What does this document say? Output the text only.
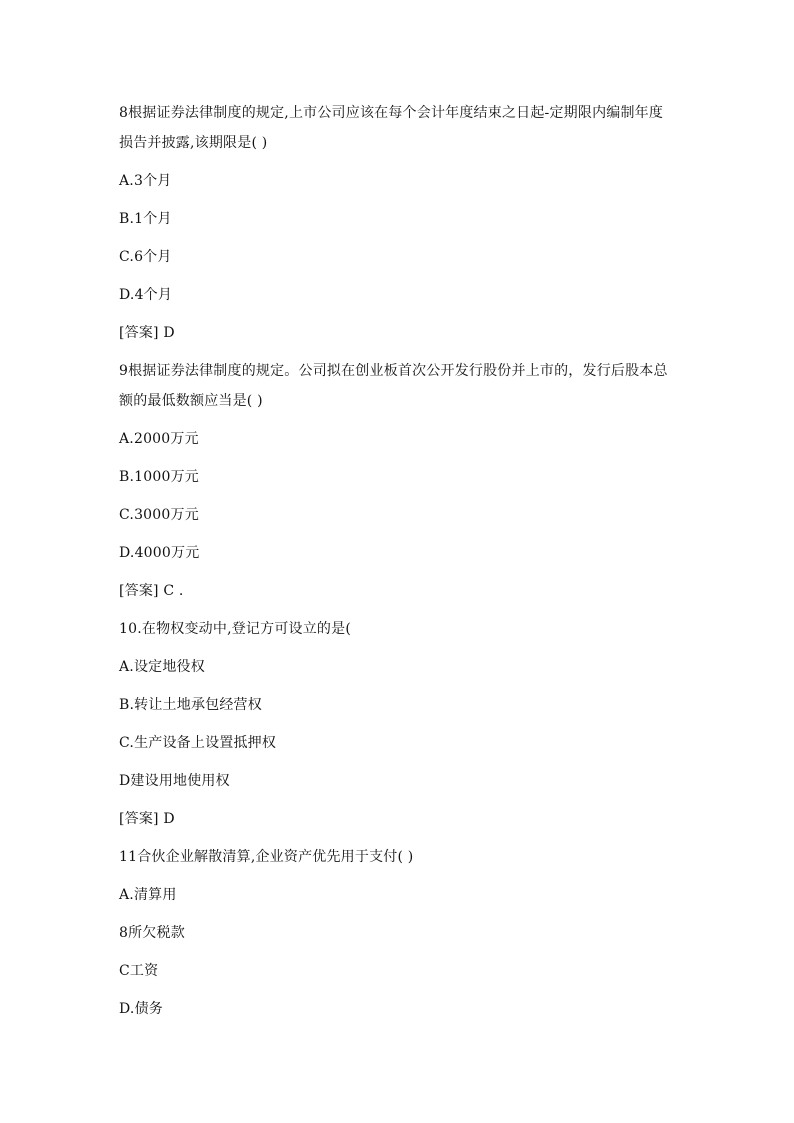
8根据证券法律制度的规定,上市公司应该在每个会计年度结束之日起-定期限内编制年度
损告并披露,该期限是( )
A.3个月
B.1个月
C.6个月
D.4个月
[答案] D
9根据证券法律制度的规定。公司拟在创业板首次公开发行股份并上市的，发行后股本总
额的最低数额应当是( )
A.2000万元
B.1000万元
C.3000万元
D.4000万元
[答案] C .
10.在物权变动中,登记方可设立的是(
A.设定地役权
B.转让土地承包经营权
C.生产设备上设置抵押权
D建设用地使用权
[答案] D
11合伙企业解散清算,企业资产优先用于支付( )
A.清算用
8所欠税款
C工资
D.债务
